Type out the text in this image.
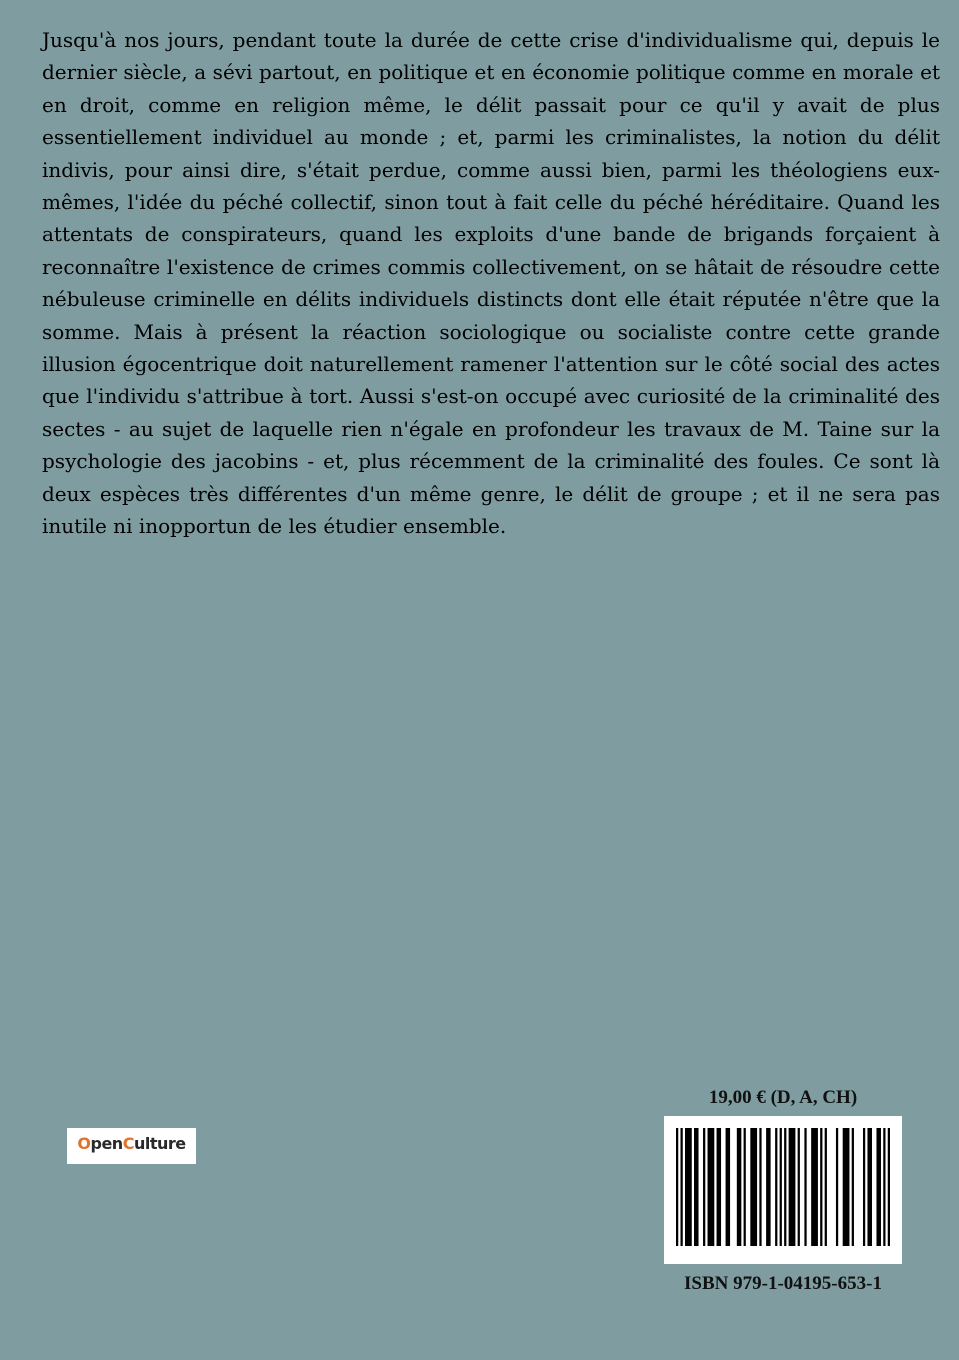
Jusqu'à nos jours, pendant toute la durée de cette crise d'individualisme qui, depuis le dernier siècle, a sévi partout, en politique et en économie politique comme en morale et en droit, comme en religion même, le délit passait pour ce qu'il y avait de plus essentiellement individuel au monde ; et, parmi les criminalistes, la notion du délit indivis, pour ainsi dire, s'était perdue, comme aussi bien, parmi les théologiens eux-mêmes, l'idée du péché collectif, sinon tout à fait celle du péché héréditaire. Quand les attentats de conspirateurs, quand les exploits d'une bande de brigands forçaient à reconnaître l'existence de crimes commis collectivement, on se hâtait de résoudre cette nébuleuse criminelle en délits individuels distincts dont elle était réputée n'être que la somme. Mais à présent la réaction sociologique ou socialiste contre cette grande illusion égocentrique doit naturellement ramener l'attention sur le côté social des actes que l'individu s'attribue à tort. Aussi s'est-on occupé avec curiosité de la criminalité des sectes - au sujet de laquelle rien n'égale en profondeur les travaux de M. Taine sur la psychologie des jacobins - et, plus récemment de la criminalité des foules. Ce sont là deux espèces très différentes d'un même genre, le délit de groupe ; et il ne sera pas inutile ni inopportun de les étudier ensemble.

OpenCulture
19,00 € (D, A, CH)
ISBN 979-1-04195-653-1
